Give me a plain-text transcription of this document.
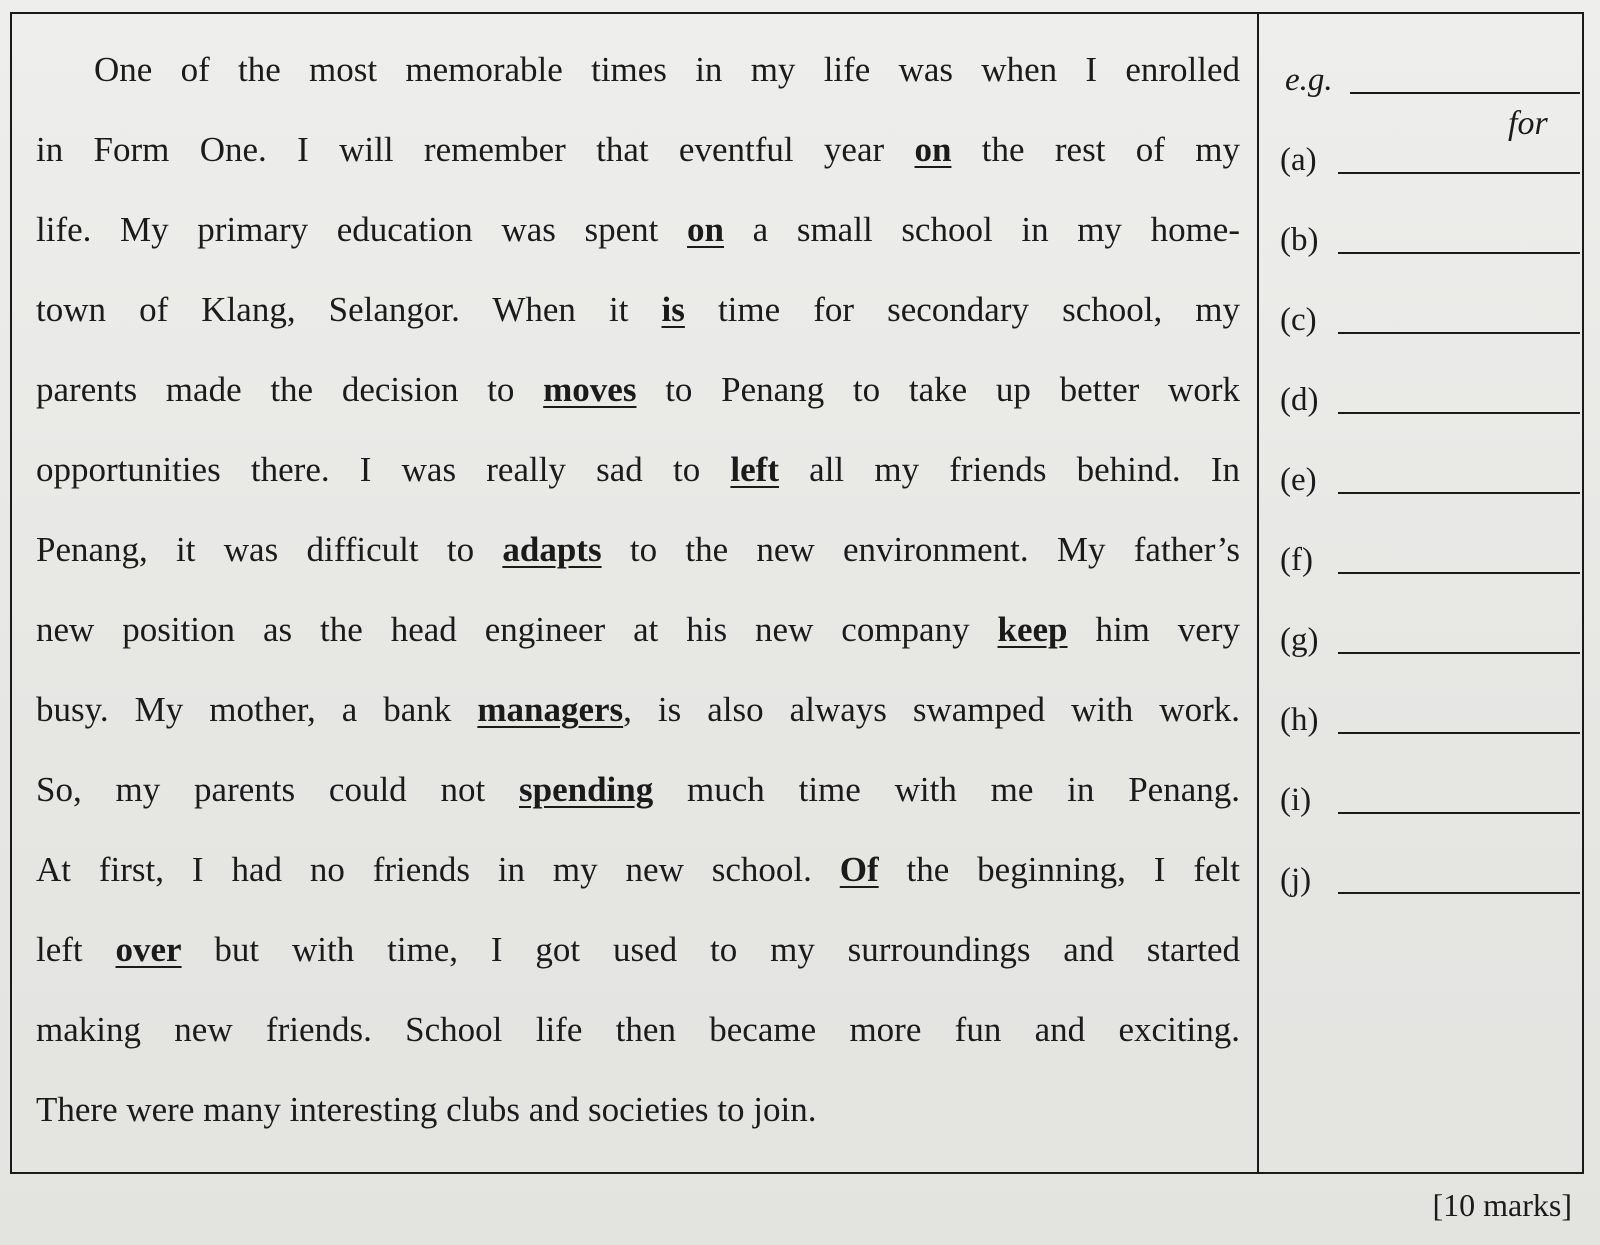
One of the most memorable times in my life was when I enrolled
in Form One. I will remember that eventful year on the rest of my
life. My primary education was spent on a small school in my home-
town of Klang, Selangor. When it is time for secondary school, my
parents made the decision to moves to Penang to take up better work
opportunities there. I was really sad to left all my friends behind. In
Penang, it was difficult to adapts to the new environment. My father’s
new position as the head engineer at his new company keep him very
busy. My mother, a bank managers, is also always swamped with work.
So, my parents could not spending much time with me in Penang.
At first, I had no friends in my new school. Of the beginning, I felt
left over but with time, I got used to my surroundings and started
making new friends. School life then became more fun and exciting.
There were many interesting clubs and societies to join.
e.g.
for
(a)
(b)
(c)
(d)
(e)
(f)
(g)
(h)
(i)
(j)
[10 marks]
